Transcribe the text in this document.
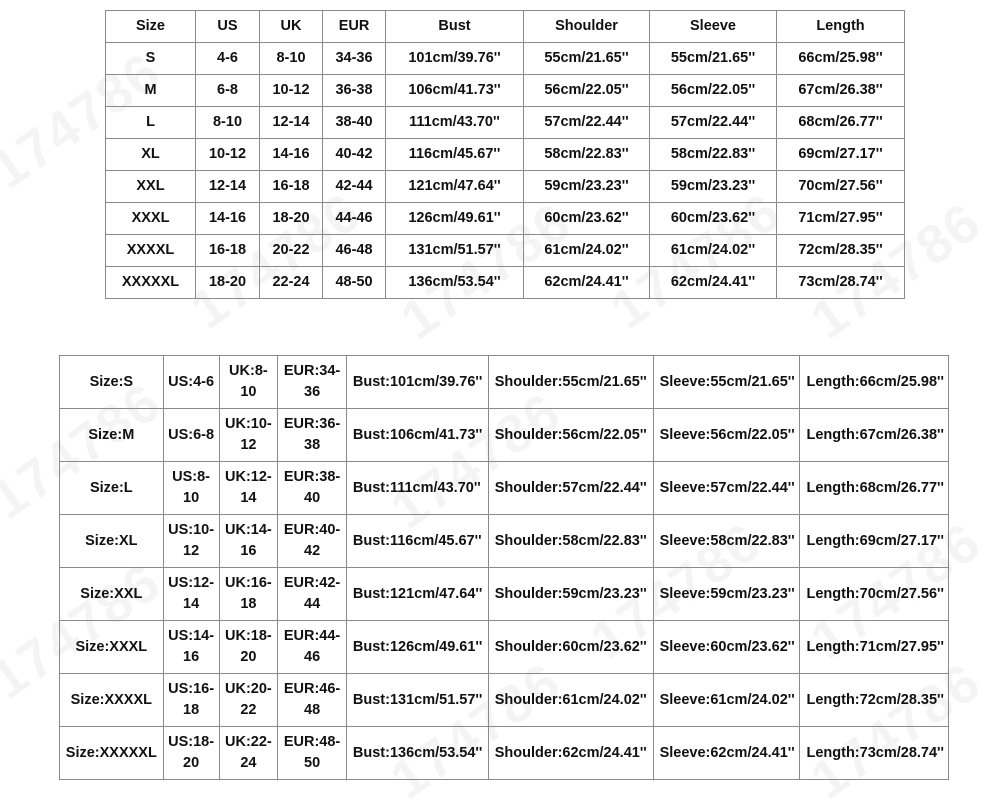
Size	US	UK	EUR	Bust	Shoulder	Sleeve	Length
S	4-6	8-10	34-36	101cm/39.76''	55cm/21.65''	55cm/21.65''	66cm/25.98''
M	6-8	10-12	36-38	106cm/41.73''	56cm/22.05''	56cm/22.05''	67cm/26.38''
L	8-10	12-14	38-40	111cm/43.70''	57cm/22.44''	57cm/22.44''	68cm/26.77''
XL	10-12	14-16	40-42	116cm/45.67''	58cm/22.83''	58cm/22.83''	69cm/27.17''
XXL	12-14	16-18	42-44	121cm/47.64''	59cm/23.23''	59cm/23.23''	70cm/27.56''
XXXL	14-16	18-20	44-46	126cm/49.61''	60cm/23.62''	60cm/23.62''	71cm/27.95''
XXXXL	16-18	20-22	46-48	131cm/51.57''	61cm/24.02''	61cm/24.02''	72cm/28.35''
XXXXXL	18-20	22-24	48-50	136cm/53.54''	62cm/24.41''	62cm/24.41''	73cm/28.74''
Size:S	US:4-6	UK:8-10	EUR:34-36	Bust:101cm/39.76''	Shoulder:55cm/21.65''	Sleeve:55cm/21.65''	Length:66cm/25.98''
Size:M	US:6-8	UK:10-12	EUR:36-38	Bust:106cm/41.73''	Shoulder:56cm/22.05''	Sleeve:56cm/22.05''	Length:67cm/26.38''
Size:L	US:8-10	UK:12-14	EUR:38-40	Bust:111cm/43.70''	Shoulder:57cm/22.44''	Sleeve:57cm/22.44''	Length:68cm/26.77''
Size:XL	US:10-12	UK:14-16	EUR:40-42	Bust:116cm/45.67''	Shoulder:58cm/22.83''	Sleeve:58cm/22.83''	Length:69cm/27.17''
Size:XXL	US:12-14	UK:16-18	EUR:42-44	Bust:121cm/47.64''	Shoulder:59cm/23.23''	Sleeve:59cm/23.23''	Length:70cm/27.56''
Size:XXXL	US:14-16	UK:18-20	EUR:44-46	Bust:126cm/49.61''	Shoulder:60cm/23.62''	Sleeve:60cm/23.62''	Length:71cm/27.95''
Size:XXXXL	US:16-18	UK:20-22	EUR:46-48	Bust:131cm/51.57''	Shoulder:61cm/24.02''	Sleeve:61cm/24.02''	Length:72cm/28.35''
Size:XXXXXL	US:18-20	UK:22-24	EUR:48-50	Bust:136cm/53.54''	Shoulder:62cm/24.41''	Sleeve:62cm/24.41''	Length:73cm/28.74''
